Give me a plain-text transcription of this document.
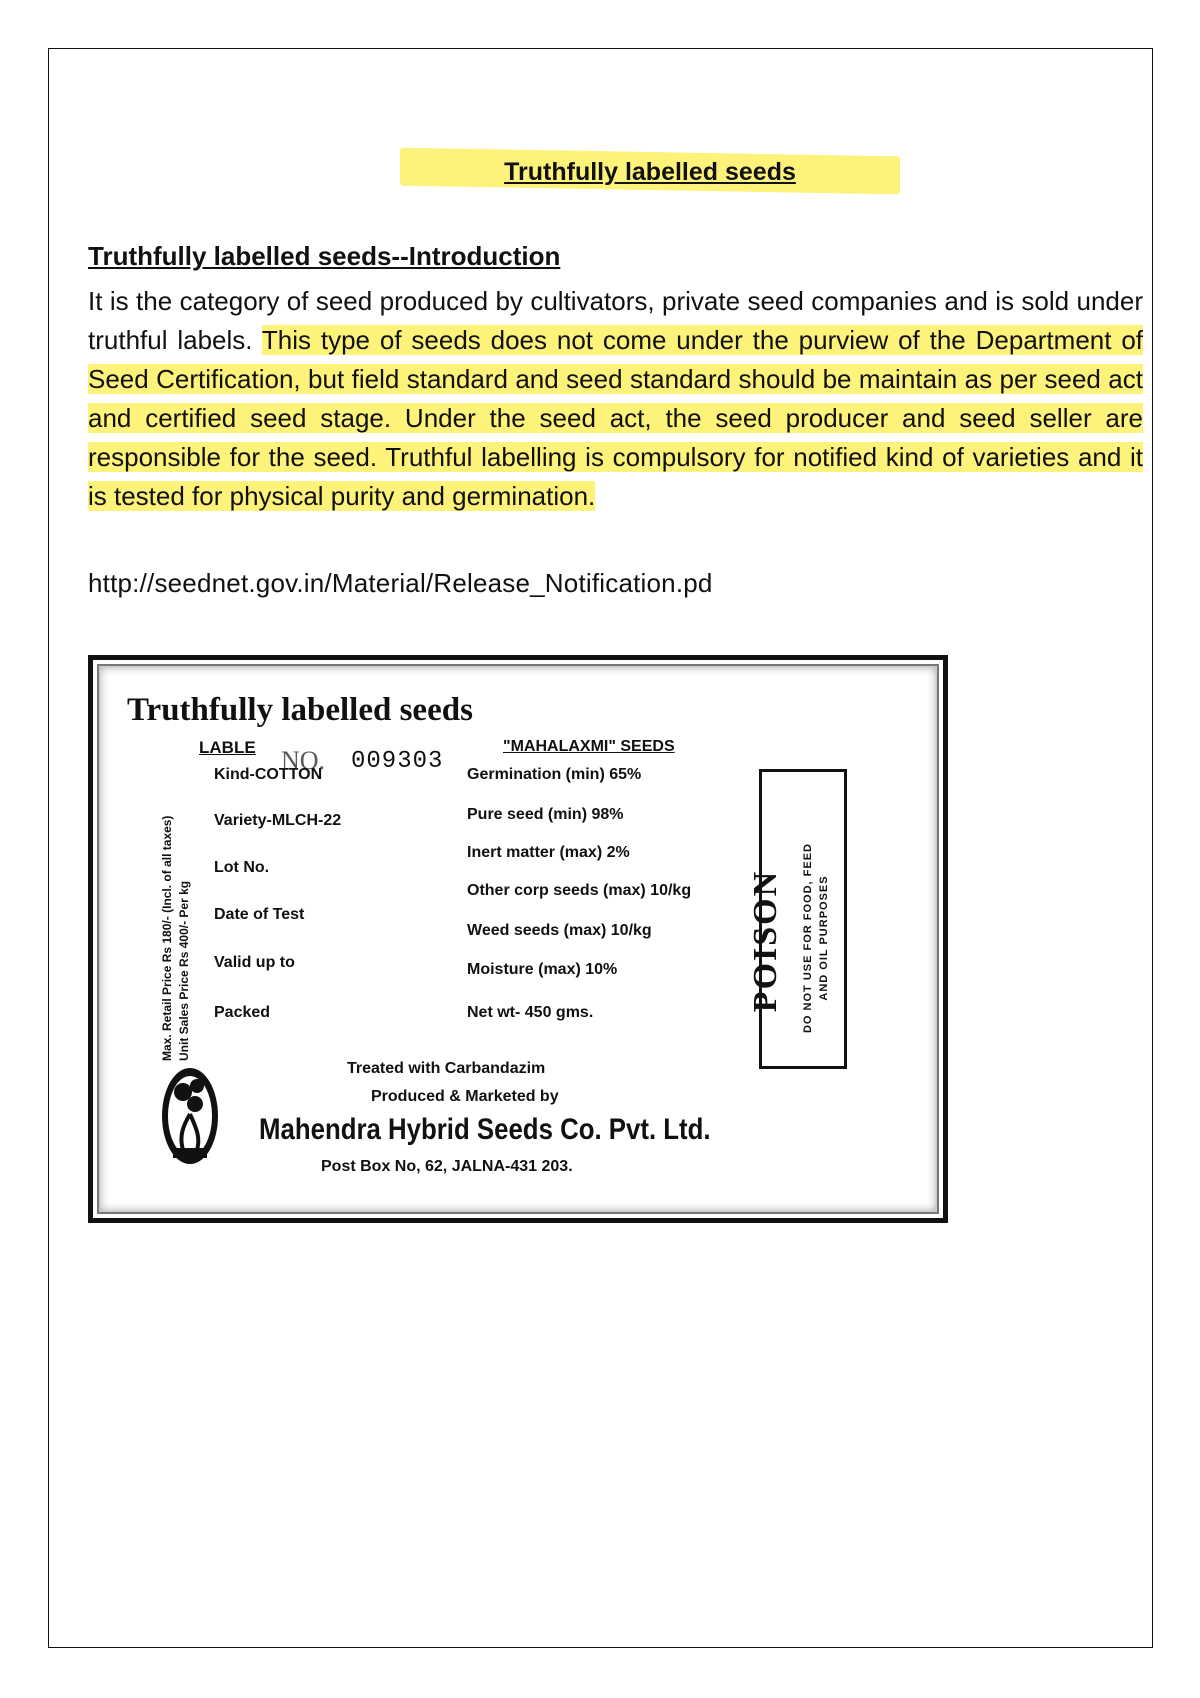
Truthfully labelled seeds
Truthfully labelled seeds--Introduction

It is the category of seed produced by cultivators, private seed companies and is sold under truthful labels. This type of seeds does not come under the purview of the Department of Seed Certification, but field standard and seed standard should be maintain as per seed act and certified seed stage. Under the seed act, the seed producer and seed seller are responsible for the seed. Truthful labelling is compulsory for notified kind of varieties and it is tested for physical purity and germination.

http://seednet.gov.in/Material/Release_Notification.pd
Truthfully labelled seeds
LABLE NO. 009303
"MAHALAXMI" SEEDS
Max. Retail Price Rs 180/- (Incl. of all taxes) Unit Sales Price Rs 400/- Per kg
Kind-COTTON
Variety-MLCH-22
Lot No.
Date of Test
Valid up to
Packed
Germination (min) 65%
Pure seed (min) 98%
Inert matter (max) 2%
Other corp seeds (max) 10/kg
Weed seeds (max) 10/kg
Moisture (max) 10%
Net wt- 450 gms.
POISON DO NOT USE FOR FOOD, FEED AND OIL PURPOSES
Treated with Carbandazim
Produced & Marketed by
Mahendra Hybrid Seeds Co. Pvt. Ltd.
Post Box No, 62, JALNA-431 203.
